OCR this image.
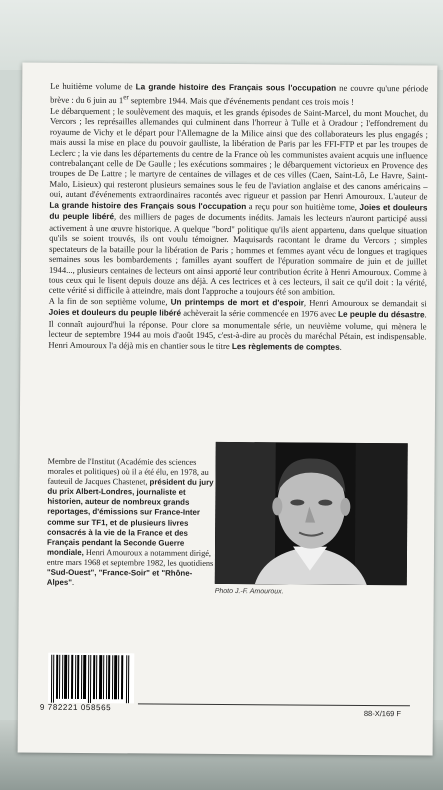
Le huitième volume de La grande histoire des Français sous l'occupation ne couvre qu'une période brève : du 6 juin au 1er septembre 1944. Mais que d'événements pendant ces trois mois !

Le débarquement ; le soulèvement des maquis, et les grands épisodes de Saint-Marcel, du mont Mouchet, du Vercors ; les représailles allemandes qui culminent dans l'horreur à Tulle et à Oradour ; l'effondrement du royaume de Vichy et le départ pour l'Allemagne de la Milice ainsi que des collaborateurs les plus engagés ; mais aussi la mise en place du pouvoir gaulliste, la libération de Paris par les FFI-FTP et par les troupes de Leclerc ; la vie dans les départements du centre de la France où les communistes avaient acquis une influence contrebalançant celle de De Gaulle ; les exécutions sommaires ; le débarquement victorieux en Provence des troupes de De Lattre ; le martyre de centaines de villages et de ces villes (Caen, Saint-Lô, Le Havre, Saint-Malo, Lisieux) qui resteront plusieurs semaines sous le feu de l'aviation anglaise et des canons américains – oui, autant d'événements extraordinaires racontés avec rigueur et passion par Henri Amouroux. L'auteur de La grande histoire des Français sous l'occupation a reçu pour son huitième tome, Joies et douleurs du peuple libéré, des milliers de pages de documents inédits. Jamais les lecteurs n'auront participé aussi activement à une œuvre historique. A quelque "bord" politique qu'ils aient appartenu, dans quelque situation qu'ils se soient trouvés, ils ont voulu témoigner. Maquisards racontant le drame du Vercors ; simples spectateurs de la bataille pour la libération de Paris ; hommes et femmes ayant vécu de longues et tragiques semaines sous les bombardements ; familles ayant souffert de l'épuration sommaire de juin et de juillet 1944..., plusieurs centaines de lecteurs ont ainsi apporté leur contribution écrite à Henri Amouroux. Comme à tous ceux qui le lisent depuis douze ans déjà. A ces lectrices et à ces lecteurs, il sait ce qu'il doit : la vérité, cette vérité si difficile à atteindre, mais dont l'approche a toujours été son ambition.

A la fin de son septième volume, Un printemps de mort et d'espoir, Henri Amouroux se demandait si Joies et douleurs du peuple libéré achèverait la série commencée en 1976 avec Le peuple du désastre. Il connaît aujourd'hui la réponse. Pour clore sa monumentale série, un neuvième volume, qui mènera le lecteur de septembre 1944 au mois d'août 1945, c'est-à-dire au procès du maréchal Pétain, est indispensable. Henri Amouroux l'a déjà mis en chantier sous le titre Les règlements de comptes.

Membre de l'Institut (Académie des sciences morales et politiques) où il a été élu, en 1978, au fauteuil de Jacques Chastenet, président du jury du prix Albert-Londres, journaliste et historien, auteur de nombreux grands reportages, d'émissions sur France-Inter comme sur TF1, et de plusieurs livres consacrés à la vie de la France et des Français pendant la Seconde Guerre mondiale, Henri Amouroux a notamment dirigé, entre mars 1968 et septembre 1982, les quotidiens "Sud-Ouest", "France-Soir" et "Rhône-Alpes".

Photo J.-F. Amouroux.
9 782221 058565
88-X/169 F
